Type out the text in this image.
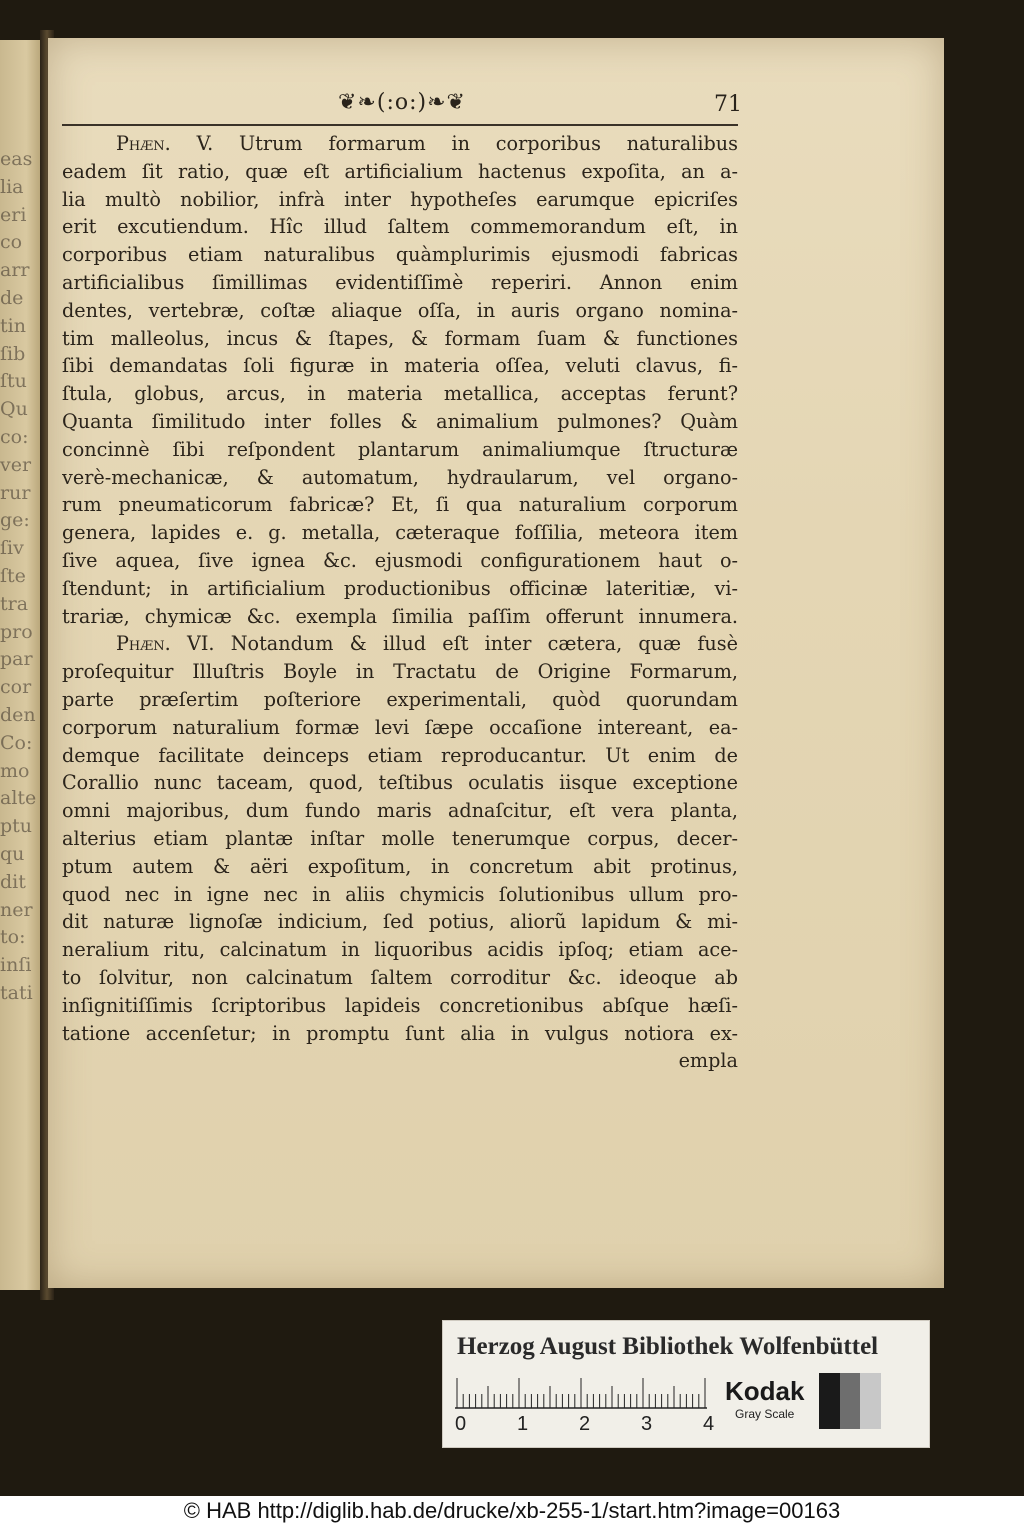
eas
lia
eri
co
arr
de
tin
ſib
ſtu
Qu
co:
ver
rur
ge:
ſiv
ſte
tra
pro
par
cor
den
Co:
mo
alte
ptu
qu
dit
ner
to:
inſi
tati
❦❧(:o:)❧❦	71
Phæn. V. Utrum formarum in corporibus naturalibus
eadem ſit ratio, quæ eſt artificialium hactenus expoſita, an a-
lia multò nobilior, infrà inter hypotheſes earumque epicriſes
erit excutiendum. Hîc illud ſaltem commemorandum eſt, in
corporibus etiam naturalibus quàmplurimis ejusmodi fabricas
artificialibus ſimillimas evidentiſſimè reperiri. Annon enim
dentes, vertebræ, coſtæ aliaque oſſa, in auris organo nomina-
tim malleolus, incus & ſtapes, & formam ſuam & functiones
ſibi demandatas ſoli figuræ in materia oſſea, veluti clavus, fi-
ſtula, globus, arcus, in materia metallica, acceptas ferunt?
Quanta ſimilitudo inter folles & animalium pulmones? Quàm
concinnè ſibi reſpondent plantarum animaliumque ſtructuræ
verè-mechanicæ, & automatum, hydraularum, vel organo-
rum pneumaticorum fabricæ? Et, ſi qua naturalium corporum
genera, lapides e. g. metalla, cæteraque foſſilia, meteora item
ſive aquea, ſive ignea &c. ejusmodi configurationem haut o-
ſtendunt; in artificialium productionibus officinæ lateritiæ, vi-
trariæ, chymicæ &c. exempla ſimilia paſſim offerunt innumera.
Phæn. VI. Notandum & illud eſt inter cætera, quæ fusè
proſequitur Illuſtris Boyle in Tractatu de Origine Formarum,
parte præſertim poſteriore experimentali, quòd quorundam
corporum naturalium formæ levi ſæpe occaſione intereant, ea-
demque facilitate deinceps etiam reproducantur. Ut enim de
Corallio nunc taceam, quod, teſtibus oculatis iisque exceptione
omni majoribus, dum fundo maris adnaſcitur, eſt vera planta,
alterius etiam plantæ inſtar molle tenerumque corpus, decer-
ptum autem & aëri expoſitum, in concretum abit protinus,
quod nec in igne nec in aliis chymicis ſolutionibus ullum pro-
dit naturæ lignoſæ indicium, ſed potius, aliorũ lapidum & mi-
neralium ritu, calcinatum in liquoribus acidis ipſoq; etiam ace-
to ſolvitur, non calcinatum ſaltem corroditur &c. ideoque ab
inſignitiſſimis ſcriptoribus lapideis concretionibus abſque hæſi-
tatione accenſetur; in promptu ſunt alia in vulgus notiora ex-
empla
Herzog August Bibliothek Wolfenbüttel
0	1	2	3	4
Kodak
Gray Scale
© HAB http://diglib.hab.de/drucke/xb-255-1/start.htm?image=00163
